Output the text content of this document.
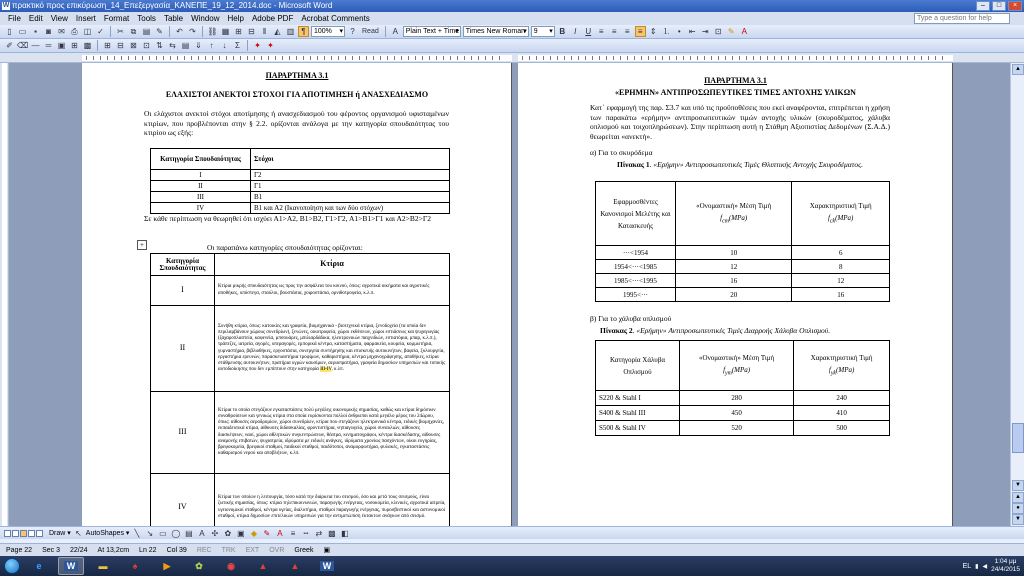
W πρακτικό προς επικύρωση_14_Επεξεργασία_ΚΑΝΕΠΕ_19_12_2014.doc - Microsoft Word	–	□	×
File	Edit	View	Insert	Format	Tools	Table	Window	Help	Adobe PDF	Acrobat Comments	Type a question for help
▯ ▭ ▪	◙ ✉ ⎙ ◫ ✓ ✂ ⧉ ▤ ✎ ↶ ↷ ⛓ ▦ ⊞ ⊟ ⫴	◭ ▥ ¶	100% ▾	?	Read	A	Plain Text + Time ▾ Times New Roman ▾	9 ▾	B I U ≡	≡	≡	≡ ⇕ ⒈ •	⇤ ⇥ ⊡ ✎ A
✐ ⌫ ― ═ ▣ ⊞ ▩ ⊞ ⊟ ⊠ ⊡ ⇅ ⇆ ▤ ⇓ ↑	↓	Σ	✦ ✦
ΠΑΡΑΡΤΗΜΑ 3.1
ΕΛΑΧΙΣΤΟΙ ΑΝΕΚΤΟΙ ΣΤΟΧΟΙ ΓΙΑ ΑΠΟΤΙΜΗΣΗ ή ΑΝΑΣΧΕΔΙΑΣΜΟ
Οι ελάχιστοι ανεκτοί στόχοι αποτίμησης ή ανασχεδιασμού του φέροντος οργανισμού υφισταμένων κτιρίων, που προβλέπονται στην § 2.2. ορίζονται ανάλογα με την κατηγορία σπουδαιότητας του κτιρίου ως εξής:
Κατηγορία Σπουδαιότητας	Στόχοι
I	Γ2
II	Γ1
III	Β1
IV	Β1 και Α2 (Ικανοποίηση και των δύο στόχων)
Σε κάθε περίπτωση να θεωρηθεί ότι ισχύει Α1>Α2, Β1>Β2, Γ1>Γ2, Α1>Β1>Γ1 και Α2>Β2>Γ2
+	Οι παραπάνω κατηγορίες σπουδαιότητας ορίζονται:
Κατηγορία Σπουδαιότητας	Κτίρια
I	Κτίρια μικρής σπουδαιότητας ως προς την ασφάλεια του κοινού, όπως: αγροτικά οικήματα και αγροτικές αποθήκες, υπόστεγα, σταύλοι, βουστάσια, χοιροστάσια, ορνιθοτροφεία, κ.λ.π.
II	Συνήθη κτίρια, όπως: κατοικίες και γραφεία, βιομηχανικά - βιοτεχνικά κτίρια, ξενοδοχεία (τα οποία δεν περιλαμβάνουν χώρους συνεδρίων), ξενώνες, οικοτροφεία, χώροι εκθέσεων, χώροι εστιάσεως και ψυχαγωγίας (ζαχαροπλαστεία, καφενεία, μπσουάρες, μπιλιαρδάδικα, ηλεκτρονικών παιχνιδιών, εστιατόρια, μπαρ, κ.λ.π.), τράπεζες, ιατρεία, αγορές, υπεραγορές, εμπορικά κέντρα, καταστήματα, φαρμακεία, κουρεία, κομμωτήρια, γυμναστήρια, βιβλιοθήκες, εργοστάσια, συνεργεία συντήρησης και επισκευής αυτοκινήτων, βαφεία, ξυλουργεία, εργαστήρια ερευνών, παρασκευαστήρια τροφίμων, καθαριστήρια, κέντρα μηχανογράφησης, αποθήκες, κτίρια στάθμευσης αυτοκινήτων, πρατήρια υγρών καυσίμων, αεριοπρατήρια, γραφεία δημοσίων υπηρεσιών και τοπικής αυτοδιοίκησης που δεν εμπίπτουν στην κατηγορία ΙΙΙ-IV, κ.λπ.
III	Κτίρια το οποία στεγάζουν εγκαταστάσεις πολύ μεγάλης οικονομικής σημασίας, καθώς και κτίρια δημόσιων συναθροίσεων και γενικώς κτίρια στα οποία ευρίσκονται πολλοί άνθρωποι κατά μεγάλο μέρος του 24ώρου, όπως: αίθουσες αεροδρομίων, χώροι συνεδρίων, κτίρια που στεγάζουν ηλεκτρονικά κέντρα, ειδικές βιομηχανίες, εκπαιδευτικά κτίρια, αίθουσες διδασκαλίας, φροντιστήρια, νηπιαγωγεία, χώροι συναυλιών, αίθουσες διασκέψεων, ναοί, χώροι αθλητικών συγκεντρώσεων, θέατρα, κινηματογράφοι, κέντρα διασκέδασης, αίθουσες αναμονής επιβατών, ψυχιατρεία, ιδρύματα με ειδικές ανάγκες, ιδρύματα χρονίως πασχόντων, οίκοι ευγηρίας, βρεφοκομεία, βρεφικοί σταθμοί, παιδικοί σταθμοί, παιδότοποι, αναμορφωτήρια, φυλακές, εγκαταστάσεις καθαρισμού νερού και αποβλήτων, κ.λπ.
IV	Κτίρια των οποίων η λειτουργία, τόσο κατά την διάρκεια του σεισμού, όσο και μετά τους σεισμούς, είναι ζωτικής σημασίας, όπως: κτίρια τηλεπικοινωνιών, παραγωγής ενέργειας, νοσοκομεία, κλινικές, αγροτικά ιατρεία, υγειονομικοί σταθμοί, κέντρα υγείας, διαλυτήρια, σταθμοί παραγωγής ενέργειας, πυροσβεστικοί και αστυνομικοί σταθμοί, κτίρια δημοσίων επιτελικών υπηρεσιών για την αντιμετώπιση έκτακτων ανάγκων από σεισμό.
ΠΑΡΑΡΤΗΜΑ 3.1
«ΕΡΗΜΗΝ» ΑΝΤΙΠΡΟΣΩΠΕΥΤΙΚΕΣ ΤΙΜΕΣ ΑΝΤΟΧΗΣ ΥΛΙΚΩΝ
Κατ΄ εφαρμογή της παρ. Σ3.7 και υπό τις προϋποθέσεις που εκεί αναφέρονται, επιτρέπεται η χρήση των παρακάτω «ερήμην» αντιπροσωπευτικών τιμών αντοχής υλικών (σκυροδέματος, χάλυβα οπλισμού και τοιχοπληρώσεων). Στην περίπτωση αυτή η Στάθμη Αξιοπιστίας Δεδομένων (Σ.Α.Δ.) θεωρείται «ανεκτή».
α) Για το σκυρόδεμα
Πίνακας 1. «Ερήμην» Αντιπροσωπευτικές Τιμές Θλιπτικής Αντοχής Σκυροδέματος.
Εφαρμοσθέντες Κανονισμοί Μελέτης και Κατασκευής	«Ονομαστική» Μέση Τιμή
$f_{cm}(MPa)$	Χαρακτηριστική Τιμή
$f_{ck}(MPa)$
···<1954	10	6
1954<···<1985	12	8
1985<···<1995	16	12
1995<···	20	16
β) Για το χάλυβα οπλισμού
Πίνακας 2. «Ερήμην» Αντιπροσωπευτικές Τιμές Διαρροής Χάλυβα Οπλισμού.
Κατηγορία Χάλυβα Οπλισμού	«Ονομαστική» Μέση Τιμή
$f_{ym}(MPa)$	Χαρακτηριστική Τιμή
$f_{yk}(MPa)$
S220 & Stahl I	280	240
S400 & Stahl III	450	410
S500 & Stahl IV	520	500
▲
▼
▲
●
▼
Draw ▾ ↖ AutoShapes ▾ ╲ ↘ ▭ ◯ ▤ A ✣ ✿ ▣ ◆ ✎ A ≡	┅ ⇄ ▩ ◧
Page 22	Sec 3	22/24	At 13,2cm	Ln 22	Col 39	REC	TRK	EXT	OVR	Greek	▣
e	W	▬	♠	▶	✿	◉	▲	▲	W	EL ▮ ◀
1:04 μμ
24/4/2015
